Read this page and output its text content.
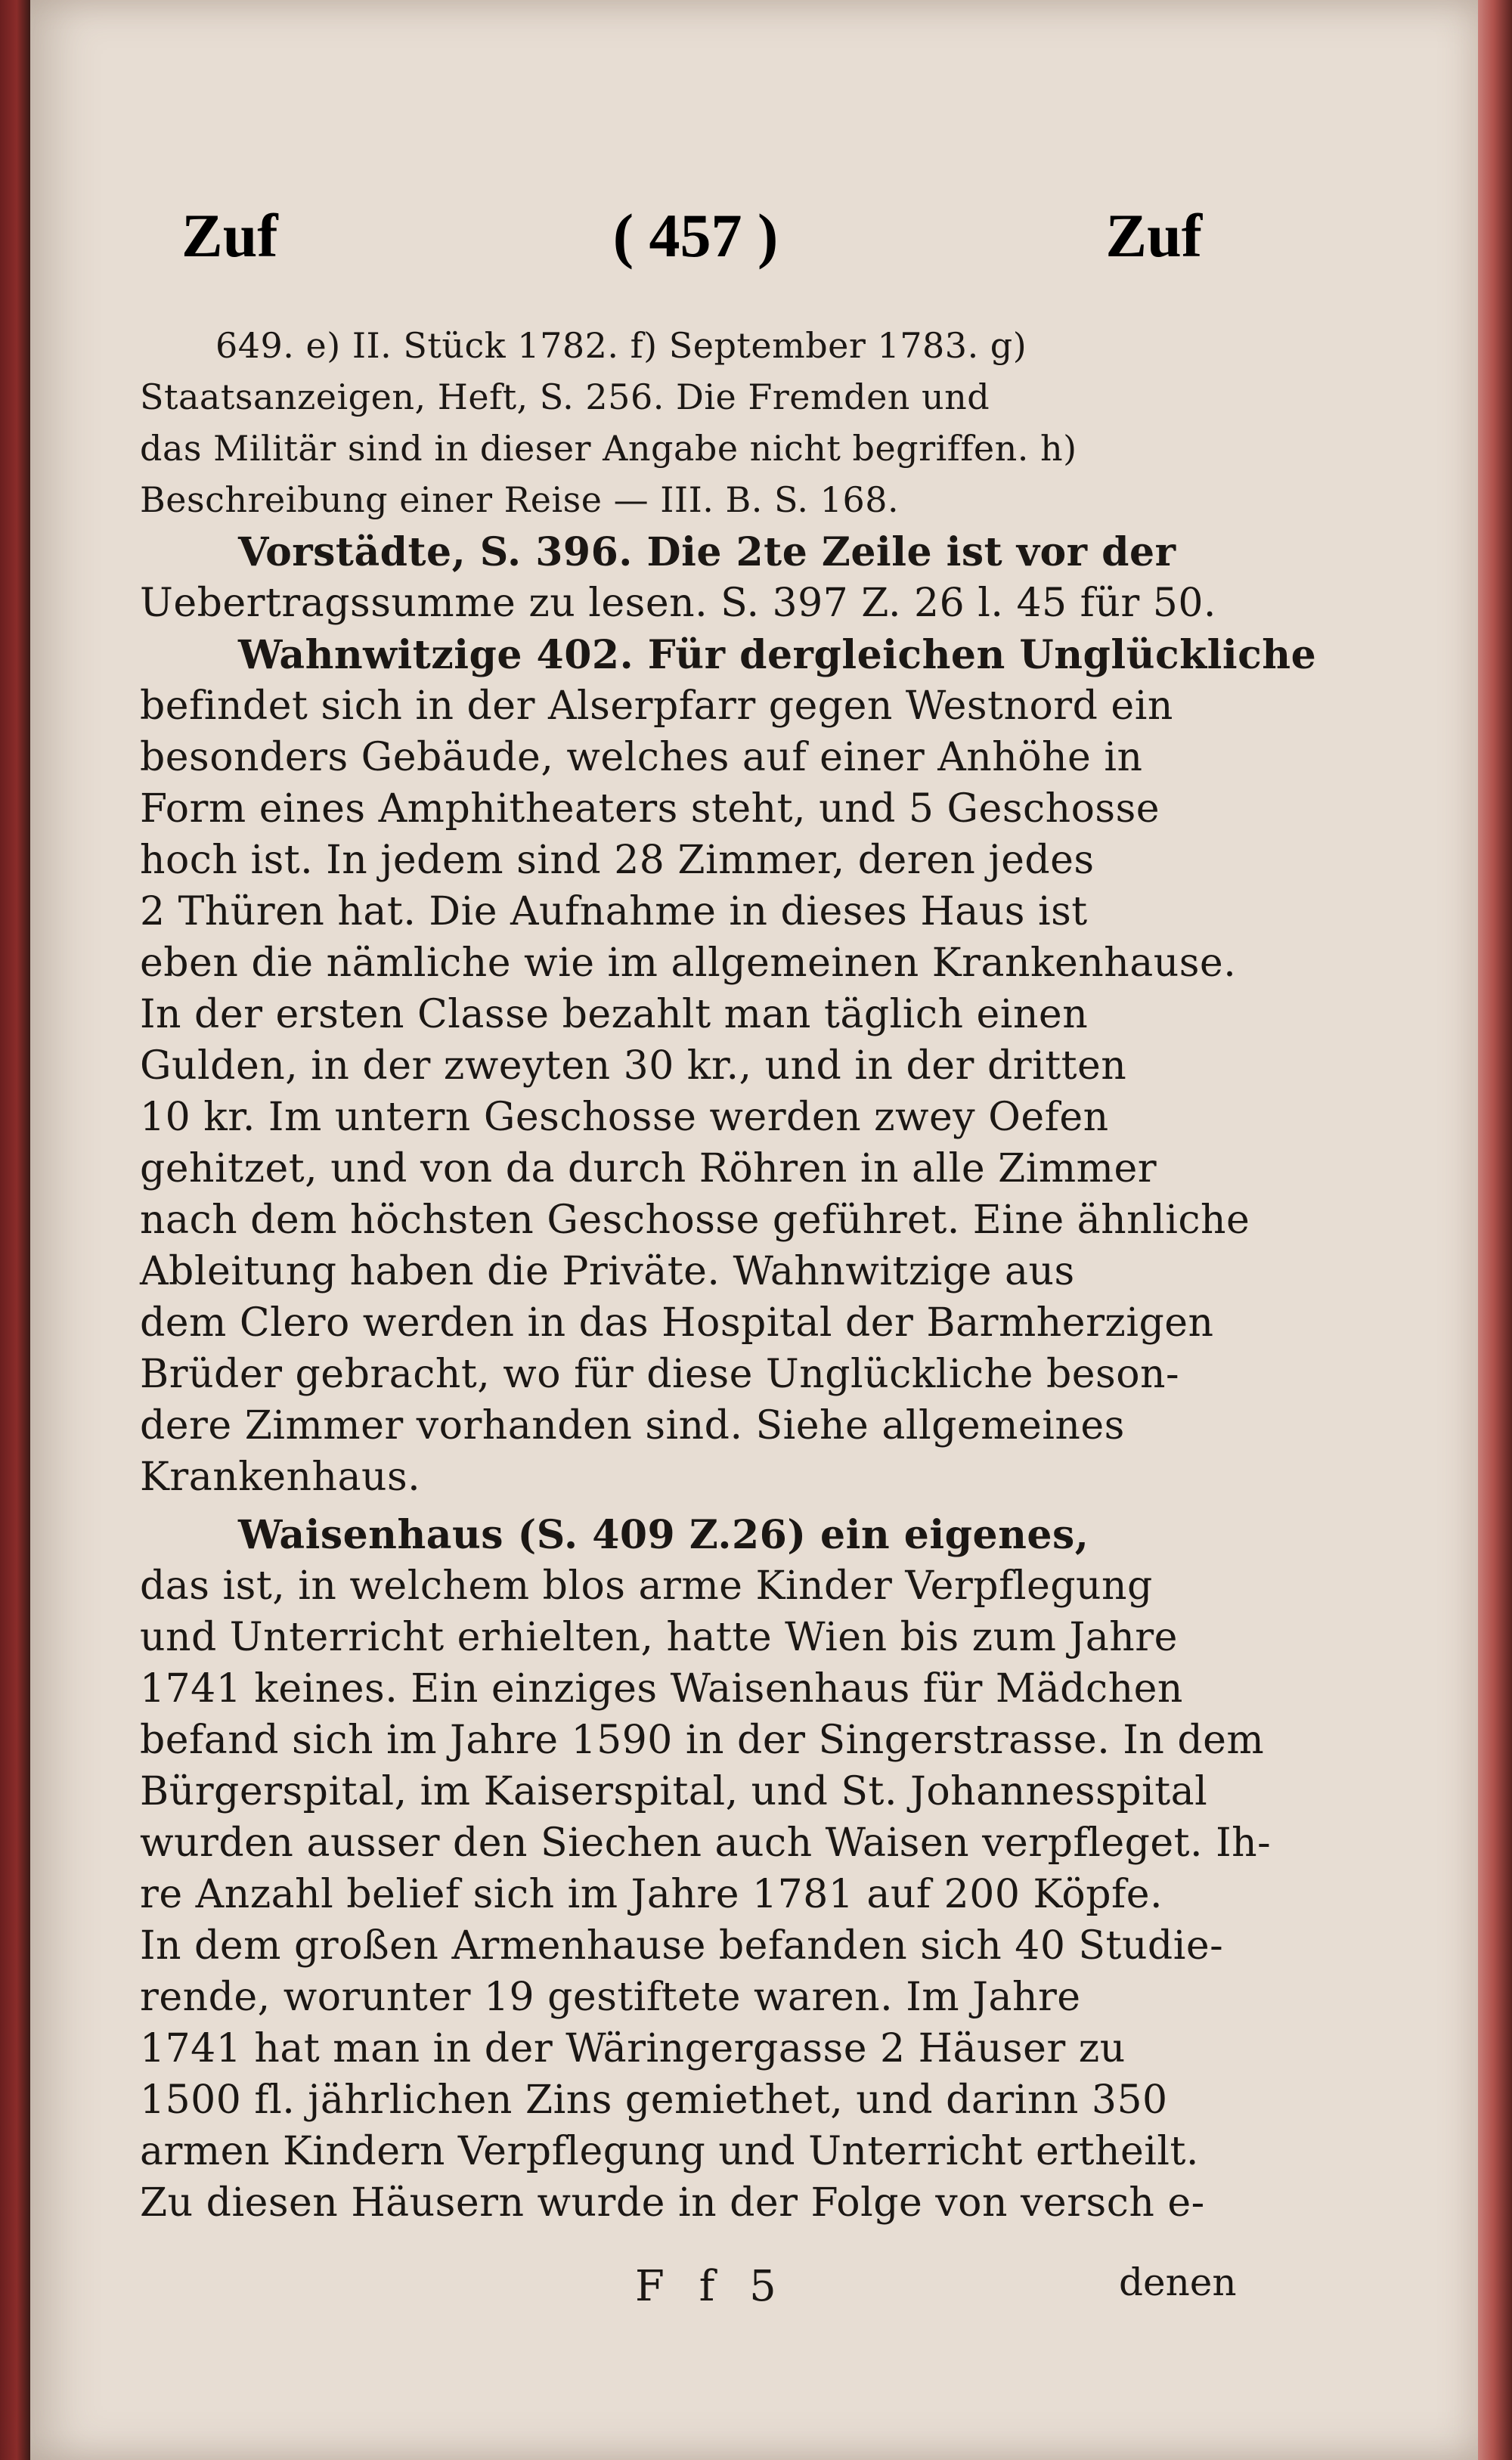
Zuf	( 457 )	Zuf
649. e) II. Stück 1782. f) September 1783. g)
Staatsanzeigen, Heft, S. 256. Die Fremden und
das Militär sind in dieser Angabe nicht begriffen. h)
Beschreibung einer Reise — III. B. S. 168.
Vorstädte, S. 396. Die 2te Zeile ist vor der
Uebertragssumme zu lesen. S. 397 Z. 26 l. 45 für 50.
Wahnwitzige 402. Für dergleichen Unglückliche
befindet sich in der Alserpfarr gegen Westnord ein
besonders Gebäude, welches auf einer Anhöhe in
Form eines Amphitheaters steht, und 5 Geschosse
hoch ist. In jedem sind 28 Zimmer, deren jedes
2 Thüren hat. Die Aufnahme in dieses Haus ist
eben die nämliche wie im allgemeinen Krankenhause.
In der ersten Classe bezahlt man täglich einen
Gulden, in der zweyten 30 kr., und in der dritten
10 kr. Im untern Geschosse werden zwey Oefen
gehitzet, und von da durch Röhren in alle Zimmer
nach dem höchsten Geschosse geführet. Eine ähnliche
Ableitung haben die Priväte. Wahnwitzige aus
dem Clero werden in das Hospital der Barmherzigen
Brüder gebracht, wo für diese Unglückliche beson-
dere Zimmer vorhanden sind. Siehe allgemeines
Krankenhaus.
Waisenhaus (S. 409 Z.26) ein eigenes,
das ist, in welchem blos arme Kinder Verpflegung
und Unterricht erhielten, hatte Wien bis zum Jahre
1741 keines. Ein einziges Waisenhaus für Mädchen
befand sich im Jahre 1590 in der Singerstrasse. In dem
Bürgerspital, im Kaiserspital, und St. Johannesspital
wurden ausser den Siechen auch Waisen verpfleget. Ih-
re Anzahl belief sich im Jahre 1781 auf 200 Köpfe.
In dem großen Armenhause befanden sich 40 Studie-
rende, worunter 19 gestiftete waren. Im Jahre
1741 hat man in der Wäringergasse 2 Häuser zu
1500 fl. jährlichen Zins gemiethet, und darinn 350
armen Kindern Verpflegung und Unterricht ertheilt.
Zu diesen Häusern wurde in der Folge von versch e-
F f 5	denen
